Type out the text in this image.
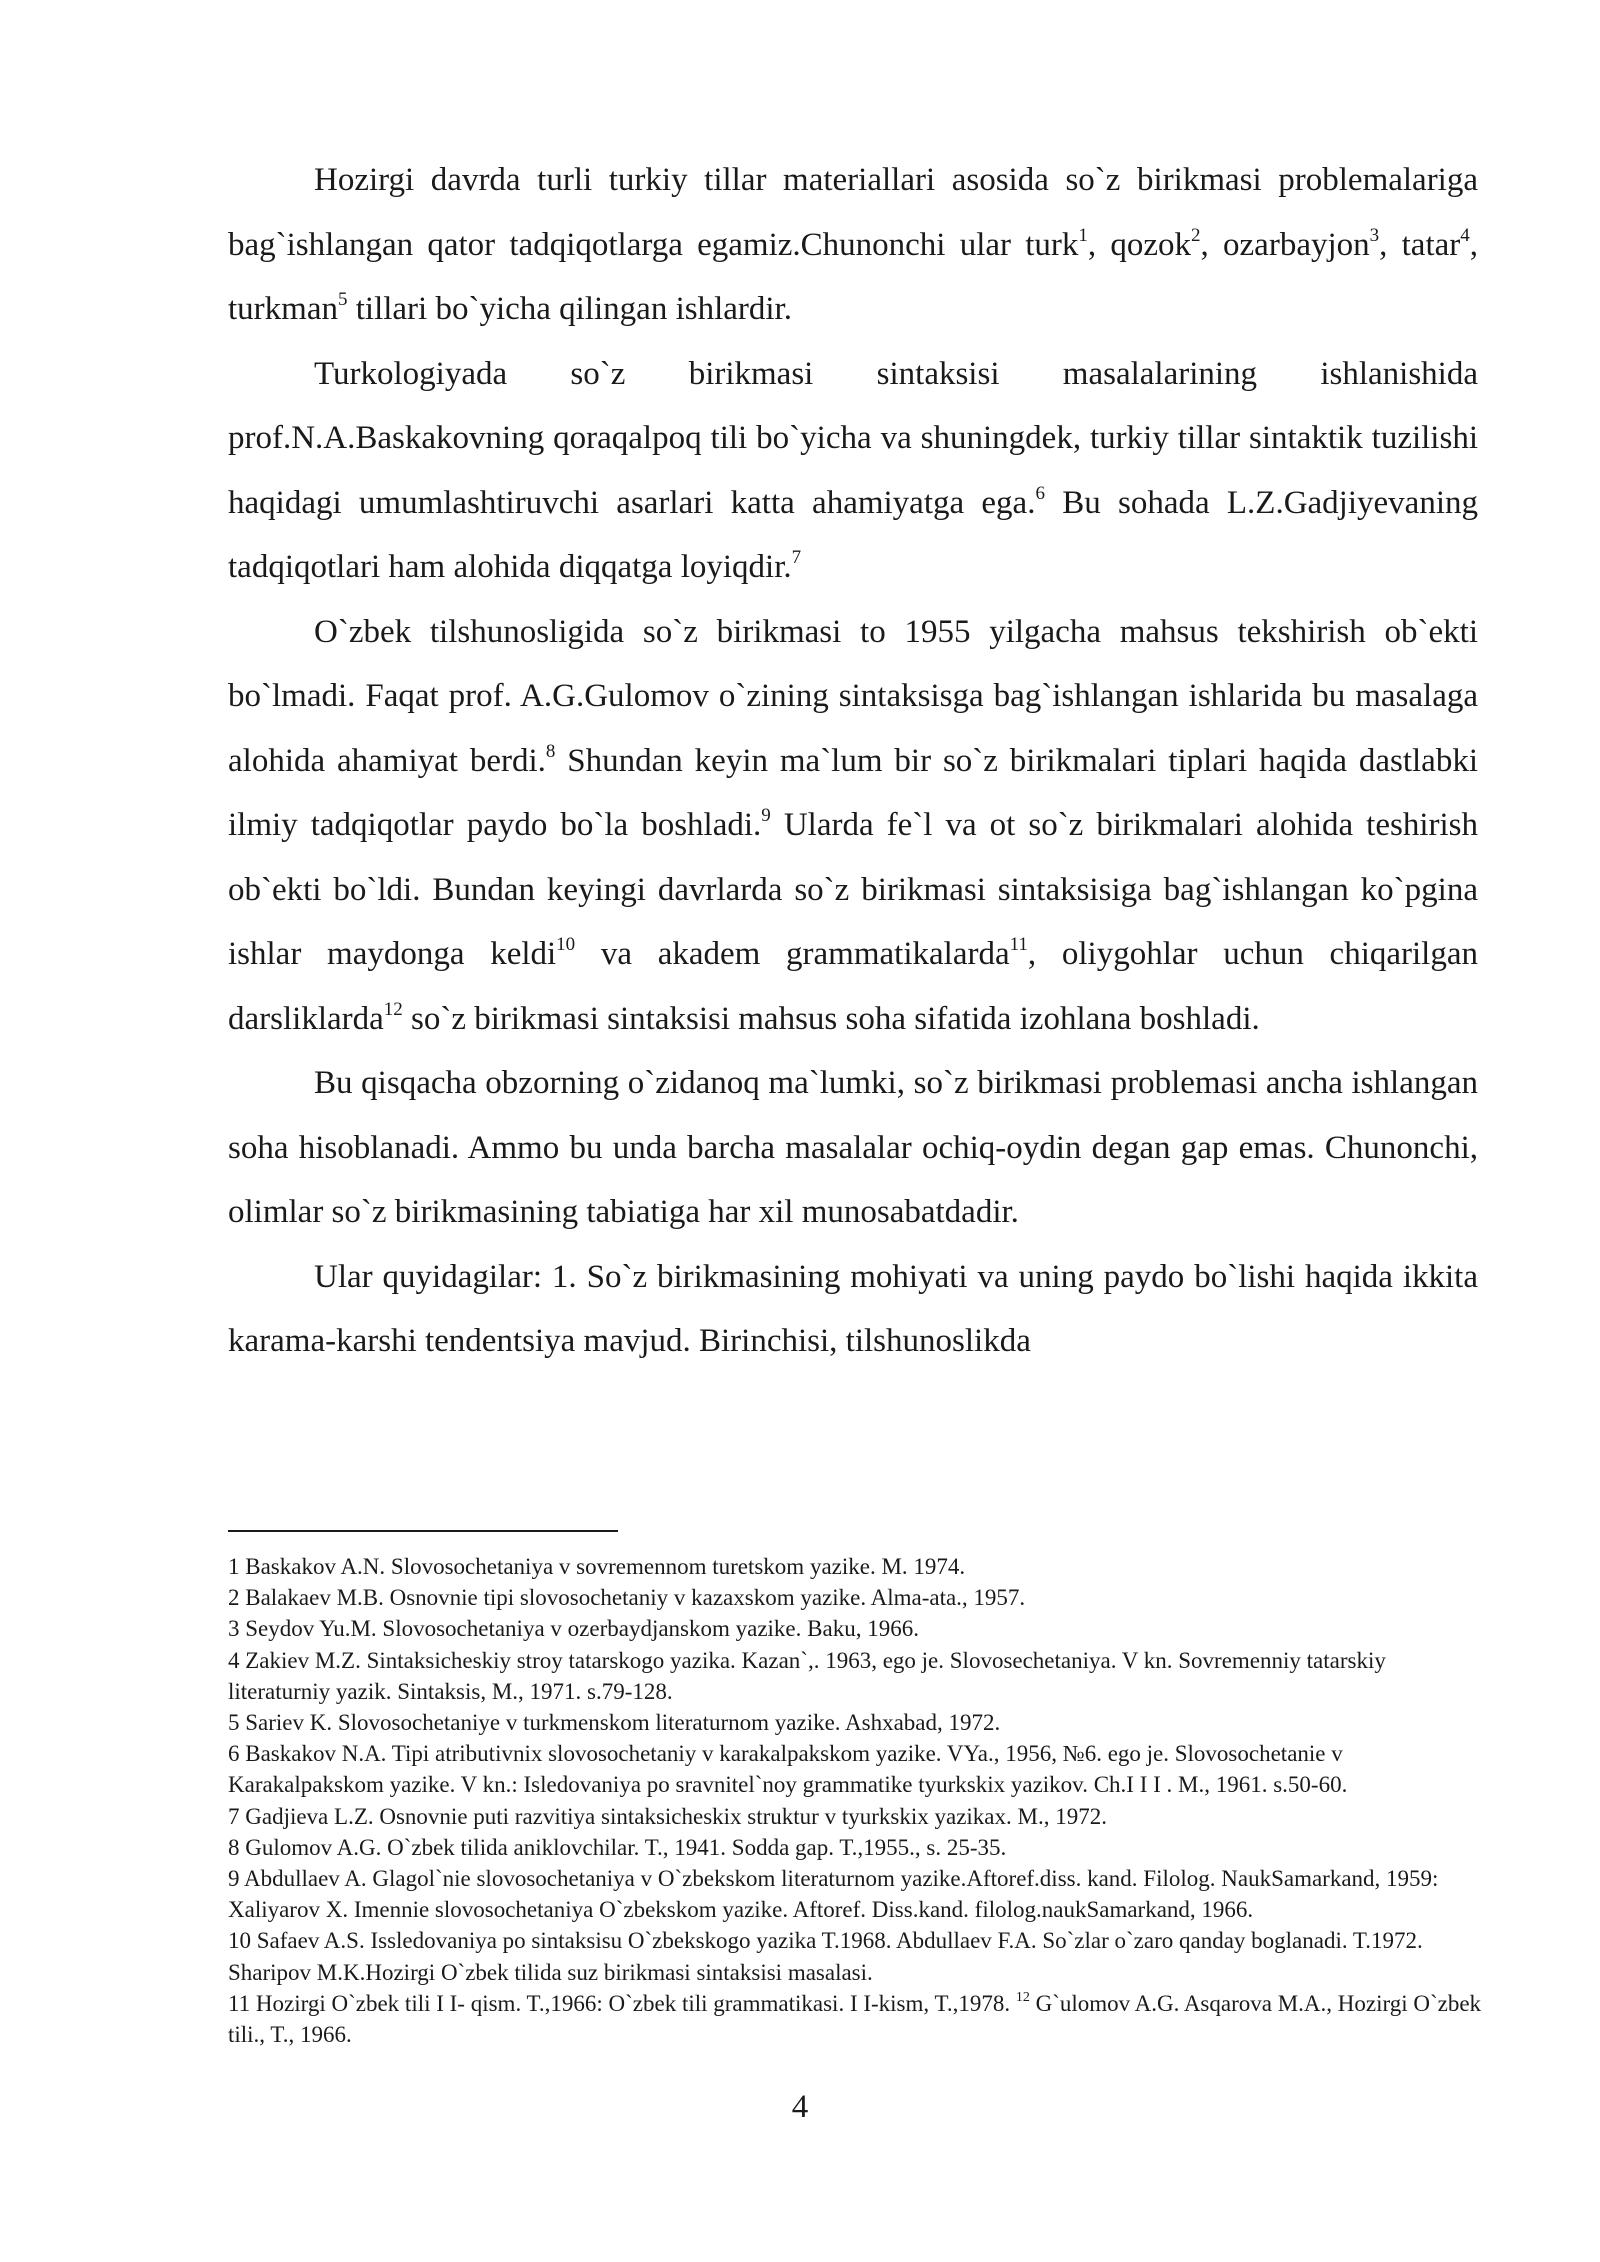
Hozirgi davrda turli turkiy tillar materiallari asosida so`z birikmasi problemalariga bag`ishlangan qator tadqiqotlarga egamiz.Chunonchi ular turk$^1$, qozok$^2$, ozarbayjon$^3$, tatar$^4$, turkman$^5$ tillari bo`yicha qilingan ishlardir.

Turkologiyada so`z birikmasi sintaksisi masalalarining ishlanishida prof.N.A.Baskakovning qoraqalpoq tili bo`yicha va shuningdek, turkiy tillar sintaktik tuzilishi haqidagi umumlashtiruvchi asarlari katta ahamiyatga ega.$^6$ Bu sohada L.Z.Gadjiyevaning tadqiqotlari ham alohida diqqatga loyiqdir.$^7$

O`zbek tilshunosligida so`z birikmasi to 1955 yilgacha mahsus tekshirish ob`ekti bo`lmadi. Faqat prof. A.G.Gulomov o`zining sintaksisga bag`ishlangan ishlarida bu masalaga alohida ahamiyat berdi.$^8$ Shundan keyin ma`lum bir so`z birikmalari tiplari haqida dastlabki ilmiy tadqiqotlar paydo bo`la boshladi.$^9$ Ularda fe`l va ot so`z birikmalari alohida teshirish ob`ekti bo`ldi. Bundan keyingi davrlarda so`z birikmasi sintaksisiga bag`ishlangan ko`pgina ishlar maydonga keldi$^{10}$ va akadem grammatikalarda$^{11}$, oliygohlar uchun chiqarilgan darsliklarda$^{12}$ so`z birikmasi sintaksisi mahsus soha sifatida izohlana boshladi.

Bu qisqacha obzorning o`zidanoq ma`lumki, so`z birikmasi problemasi ancha ishlangan soha hisoblanadi. Ammo bu unda barcha masalalar ochiq-oydin degan gap emas. Chunonchi, olimlar so`z birikmasining tabiatiga har xil munosabatdadir.

Ular quyidagilar: 1. So`z birikmasining mohiyati va uning paydo bo`lishi haqida ikkita karama-karshi tendentsiya mavjud. Birinchisi, tilshunoslikda

1 Baskakov A.N. Slovosochetaniya v sovremennom turetskom yazike. M. 1974.

2 Balakaev M.B. Osnovnie tipi slovosochetaniy v kazaxskom yazike. Alma-ata., 1957.

3 Seydov Yu.M. Slovosochetaniya v ozerbaydjanskom yazike. Baku, 1966.

4 Zakiev M.Z. Sintaksicheskiy stroy tatarskogo yazika. Kazan`,. 1963, ego je. Slovosechetaniya. V kn. Sovremenniy tatarskiy literaturniy yazik. Sintaksis, M., 1971. s.79-128.

5 Sariev K. Slovosochetaniye v turkmenskom literaturnom yazike. Ashxabad, 1972.

6 Baskakov N.A. Tipi atributivnix slovosochetaniy v karakalpakskom yazike. VYa., 1956, №6. ego je. Slovosochetanie v Karakalpakskom yazike. V kn.: Isledovaniya po sravnitel`noy grammatike tyurkskix yazikov. Ch.I I I . M., 1961. s.50-60.

7 Gadjieva L.Z. Osnovnie puti razvitiya sintaksicheskix struktur v tyurkskix yazikax. M., 1972.

8 Gulomov A.G. O`zbek tilida aniklovchilar. T., 1941. Sodda gap. T.,1955., s. 25-35.

9 Abdullaev A. Glagol`nie slovosochetaniya v O`zbekskom literaturnom yazike.Aftoref.diss. kand. Filolog. NaukSamarkand, 1959: Xaliyarov X. Imennie slovosochetaniya O`zbekskom yazike. Aftoref. Diss.kand. filolog.naukSamarkand, 1966.

10 Safaev A.S. Issledovaniya po sintaksisu O`zbekskogo yazika T.1968. Abdullaev F.A. So`zlar o`zaro qanday boglanadi. T.1972. Sharipov M.K.Hozirgi O`zbek tilida suz birikmasi sintaksisi masalasi.

11 Hozirgi O`zbek tili I I- qism. T.,1966: O`zbek tili grammatikasi. I I-kism, T.,1978. $^{12}$ G`ulomov A.G. Asqarova M.A., Hozirgi O`zbek tili., T., 1966.

4
